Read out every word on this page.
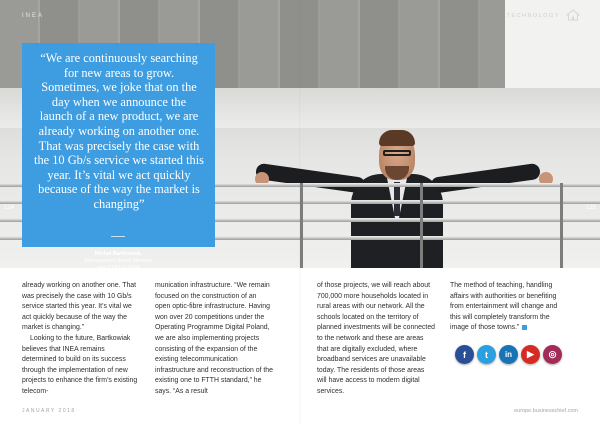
INEA	TECHNOLOGY
124	125
“We are continuously searching for new areas to grow. Sometimes, we joke that on the day when we announce the launch of a new product, we are already working on another one. That was precisely the case with the 10 Gb/s service we started this year. It’s vital we act quickly because of the way the market is changing”
Michał Bartkowiak,
Management Board Member
and COO of INEA

already working on another one. That was precisely the case with 10 Gb/s service started this year. It’s vital we act quickly because of the way the market is changing.”

Looking to the future, Bartkowiak believes that INEA remains determined to build on its success through the implementation of new projects to enhance the firm’s existing telecom-

munication infrastructure. “We remain focused on the construction of an open optic-fibre infrastructure. Having won over 20 competitions under the Operating Programme Digital Poland, we are also implementing projects consisting of the expansion of the existing telecommunication infrastructure and reconstruction of the existing one to FTTH standard,” he says. “As a result

of those projects, we will reach about 700,000 more households located in rural areas with our network. All the schools located on the territory of planned investments will be connected to the network and these are areas that are digitally excluded, where broadband services are unavailable today. The residents of those areas will have access to modern digital services.

The method of teaching, handling affairs with authorities or benefiting from entertainment will change and this will completely transform the image of those towns.”

f	t	in	▶	◎
JANUARY 2018	europe.businesschief.com
